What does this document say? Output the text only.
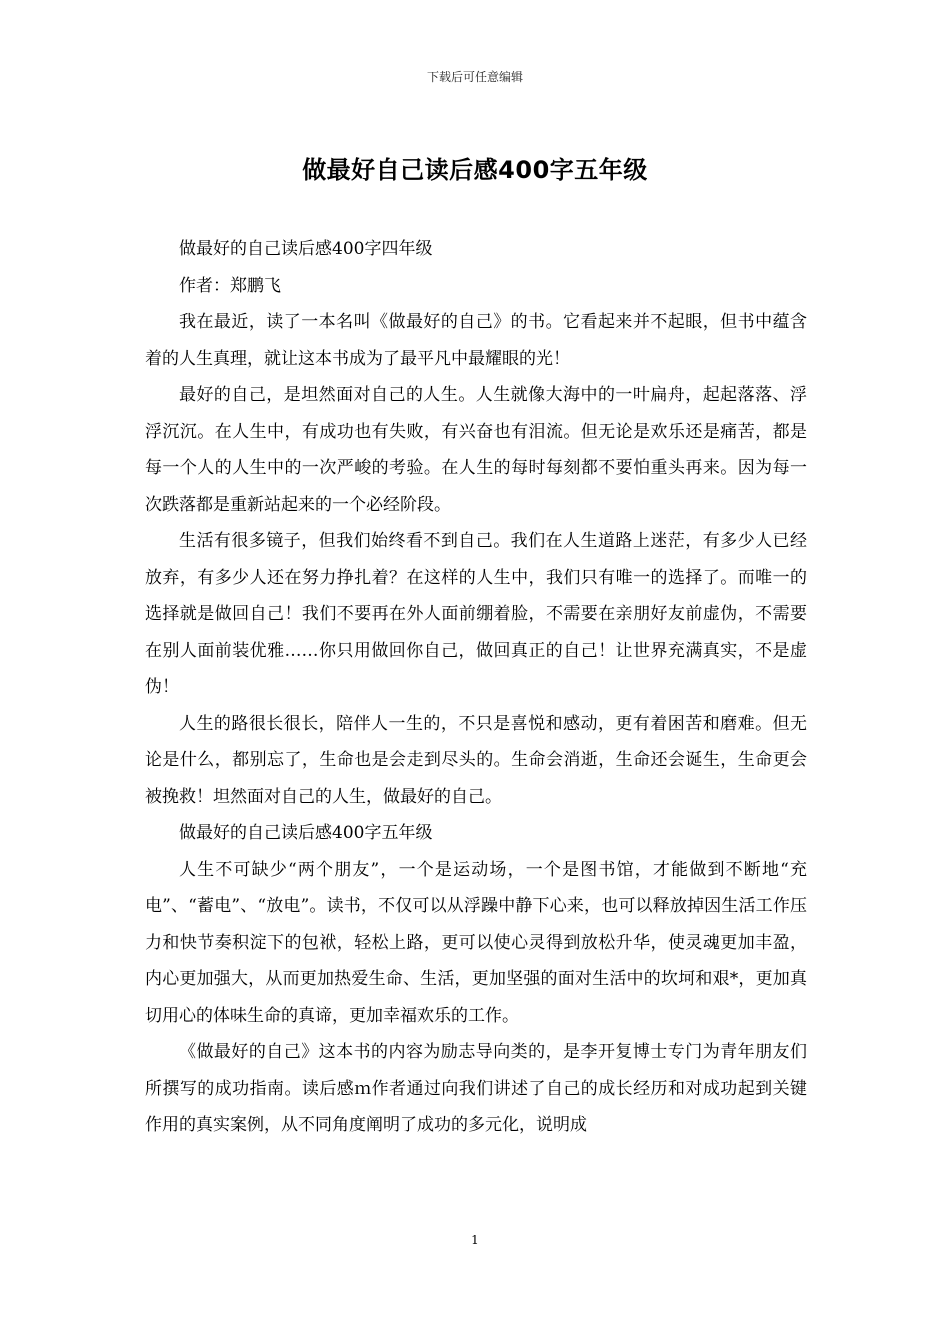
下载后可任意编辑
做最好自己读后感400字五年级

做最好的自己读后感400字四年级

作者：郑鹏飞

我在最近，读了一本名叫《做最好的自己》的书。它看起来并不起眼，但书中蕴含着的人生真理，就让这本书成为了最平凡中最耀眼的光！

最好的自己，是坦然面对自己的人生。人生就像大海中的一叶扁舟，起起落落、浮浮沉沉。在人生中，有成功也有失败，有兴奋也有泪流。但无论是欢乐还是痛苦，都是每一个人的人生中的一次严峻的考验。在人生的每时每刻都不要怕重头再来。因为每一次跌落都是重新站起来的一个必经阶段。

生活有很多镜子，但我们始终看不到自己。我们在人生道路上迷茫，有多少人已经放弃，有多少人还在努力挣扎着？在这样的人生中，我们只有唯一的选择了。而唯一的选择就是做回自己！我们不要再在外人面前绷着脸，不需要在亲朋好友前虚伪，不需要在别人面前装优雅……你只用做回你自己，做回真正的自己！让世界充满真实，不是虚伪！

人生的路很长很长，陪伴人一生的，不只是喜悦和感动，更有着困苦和磨难。但无论是什么，都别忘了，生命也是会走到尽头的。生命会消逝，生命还会诞生，生命更会被挽救！坦然面对自己的人生，做最好的自己。

做最好的自己读后感400字五年级

人生不可缺少“两个朋友”，一个是运动场，一个是图书馆，才能做到不断地“充电”、“蓄电”、“放电”。读书，不仅可以从浮躁中静下心来，也可以释放掉因生活工作压力和快节奏积淀下的包袱，轻松上路，更可以使心灵得到放松升华，使灵魂更加丰盈，内心更加强大，从而更加热爱生命、生活，更加坚强的面对生活中的坎坷和艰*，更加真切用心的体味生命的真谛，更加幸福欢乐的工作。

《做最好的自己》这本书的内容为励志导向类的，是李开复博士专门为青年朋友们所撰写的成功指南。读后感ｍ作者通过向我们讲述了自己的成长经历和对成功起到关键作用的真实案例，从不同角度阐明了成功的多元化，说明成

1
